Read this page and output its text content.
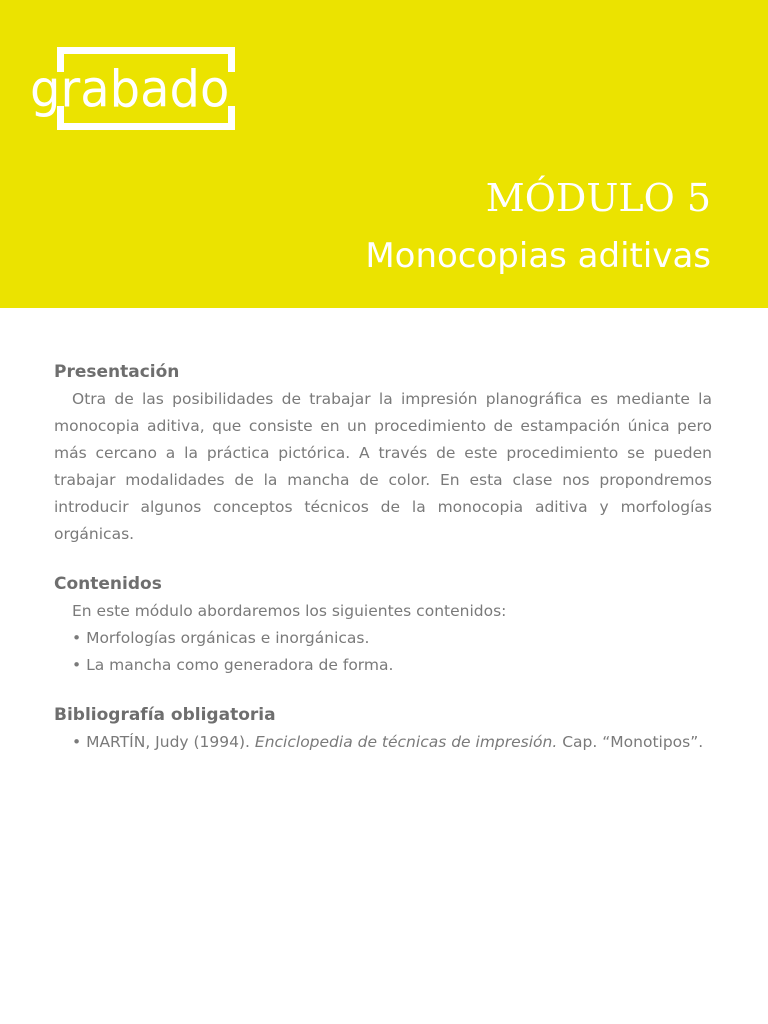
grabado
MÓDULO 5
Monocopias aditivas
Presentación

Otra de las posibilidades de trabajar la impresión planográfica es mediante la monocopia aditiva, que consiste en un procedimiento de estampación única pero más cercano a la práctica pictórica. A través de este procedimiento se pueden trabajar modalidades de la mancha de color. En esta clase nos propondremos introducir algunos conceptos técnicos de la monocopia aditiva y morfologías orgánicas.

Contenidos

En este módulo abordaremos los siguientes contenidos:

• Morfologías orgánicas e inorgánicas.

• La mancha como generadora de forma.

Bibliografía obligatoria

• MARTÍN, Judy (1994). Enciclopedia de técnicas de impresión. Cap. “Monotipos”.
